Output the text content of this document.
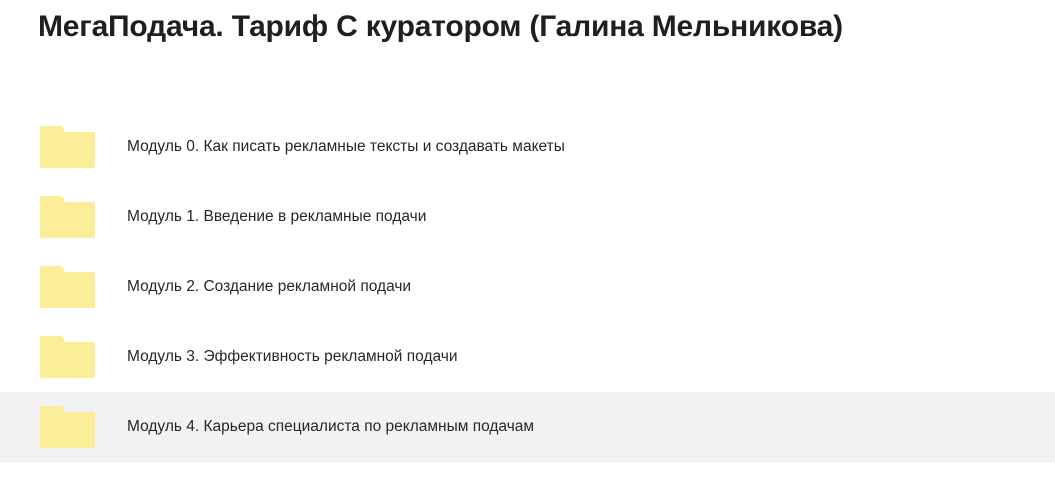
МегаПодача. Тариф С куратором (Галина Мельникова)
Модуль 0. Как писать рекламные тексты и создавать макеты
Модуль 1. Введение в рекламные подачи
Модуль 2. Создание рекламной подачи
Модуль 3. Эффективность рекламной подачи
Модуль 4. Карьера специалиста по рекламным подачам
